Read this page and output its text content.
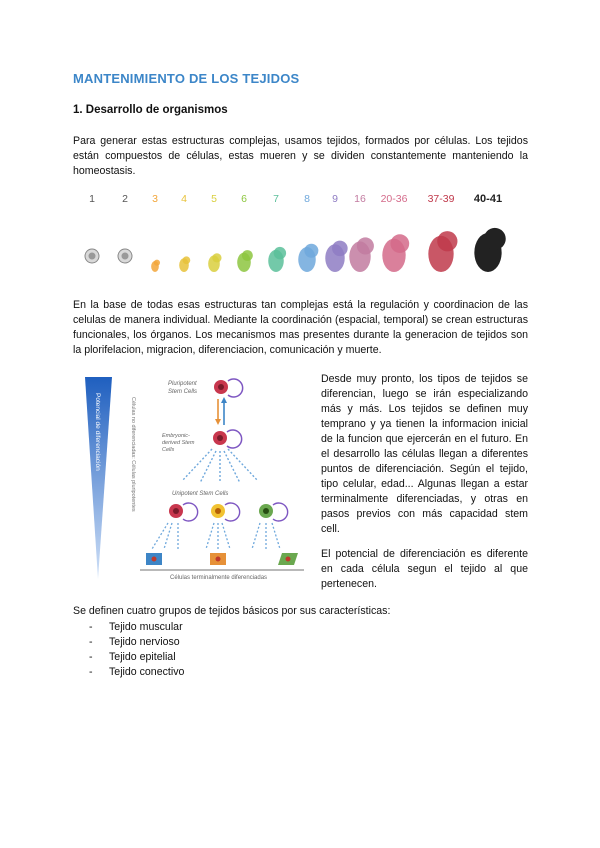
MANTENIMIENTO DE LOS TEJIDOS
1. Desarrollo de organismos

Para generar estas estructuras complejas, usamos tejidos, formados por células. Los tejidos están compuestos de células, estas mueren y se dividen constantemente manteniendo la homeostasis.

1	2 3 4 5 6 7 8 9 16 20-36 37-39 40-41

En la base de todas esas estructuras tan complejas está la regulación y coordinacion de las celulas de manera individual. Mediante la coordinación (espacial, temporal) se crean estructuras funcionales, los órganos. Los mecanismos mas presentes durante la generacion de tejidos son la plorifelacion, migracion, diferenciacion, comunicación y muerte.

Potencial de diferenciación	Células no diferenciadas: Células pluripotentes
Pluripotent
Stem Cells
Embryonic-
derived Stem
Cells
Unipotent Stem Cells
Células terminalmente diferenciadas

Desde muy pronto, los tipos de tejidos se diferencian, luego se irán especializando más y más. Los tejidos se definen muy temprano y ya tienen la informacion inicial de la funcion que ejercerán en el futuro. En el desarrollo las células llegan a diferentes puntos de diferenciación. Según el tejido, tipo celular, edad... Algunas llegan a estar terminalmente diferenciadas, y otras en pasos previos con más capacidad stem cell.

El potencial de diferenciación es diferente en cada célula segun el tejido al que pertenecen.

Se definen cuatro grupos de tejidos básicos por sus características:

- Tejido muscular
- Tejido nervioso
- Tejido epitelial
- Tejido conectivo
